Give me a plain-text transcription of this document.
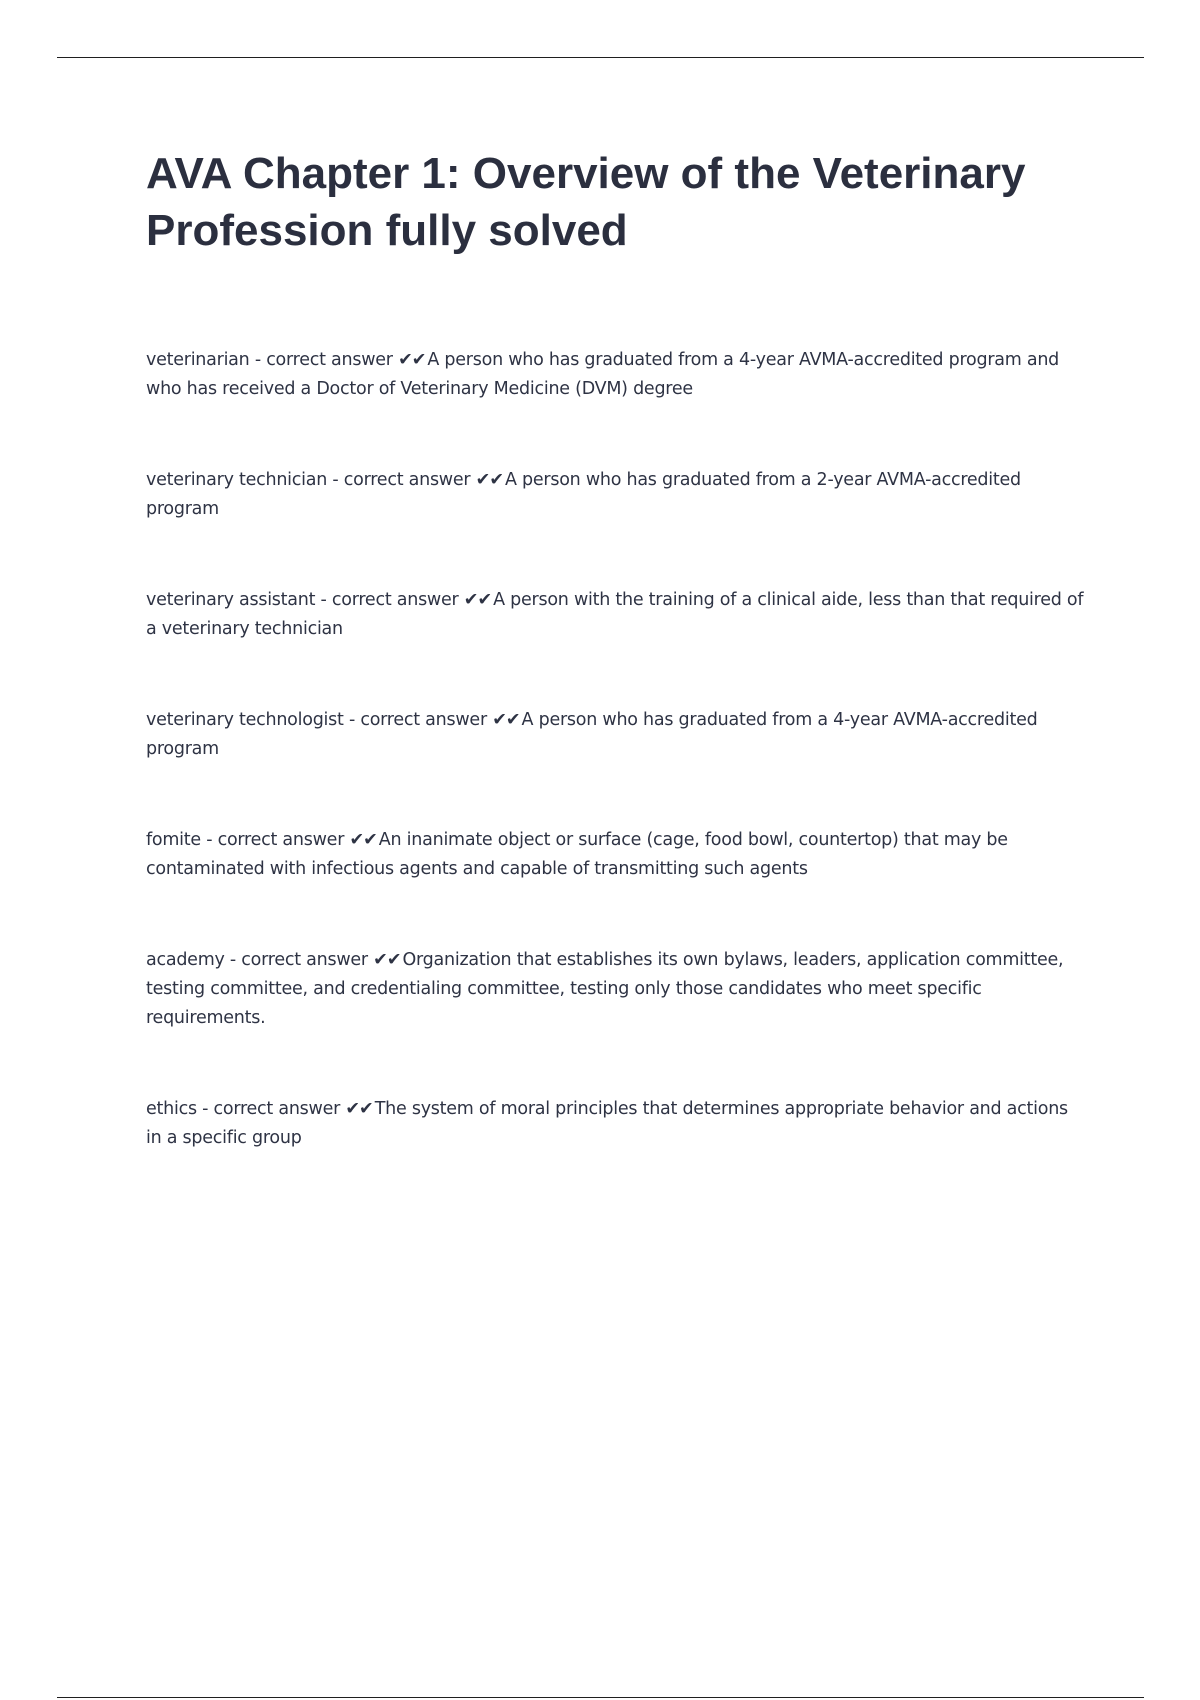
AVA Chapter 1: Overview of the Veterinary Profession fully solved
veterinarian - correct answer ✔✔ A person who has graduated from a 4-year AVMA-accredited program and who has received a Doctor of Veterinary Medicine (DVM) degree
veterinary technician - correct answer ✔✔ A person who has graduated from a 2-year AVMA-accredited program
veterinary assistant - correct answer ✔✔ A person with the training of a clinical aide, less than that required of a veterinary technician
veterinary technologist - correct answer ✔✔ A person who has graduated from a 4-year AVMA-accredited program
fomite - correct answer ✔✔ An inanimate object or surface (cage, food bowl, countertop) that may be contaminated with infectious agents and capable of transmitting such agents
academy - correct answer ✔✔ Organization that establishes its own bylaws, leaders, application committee, testing committee, and credentialing committee, testing only those candidates who meet specific requirements.
ethics - correct answer ✔✔ The system of moral principles that determines appropriate behavior and actions in a specific group
